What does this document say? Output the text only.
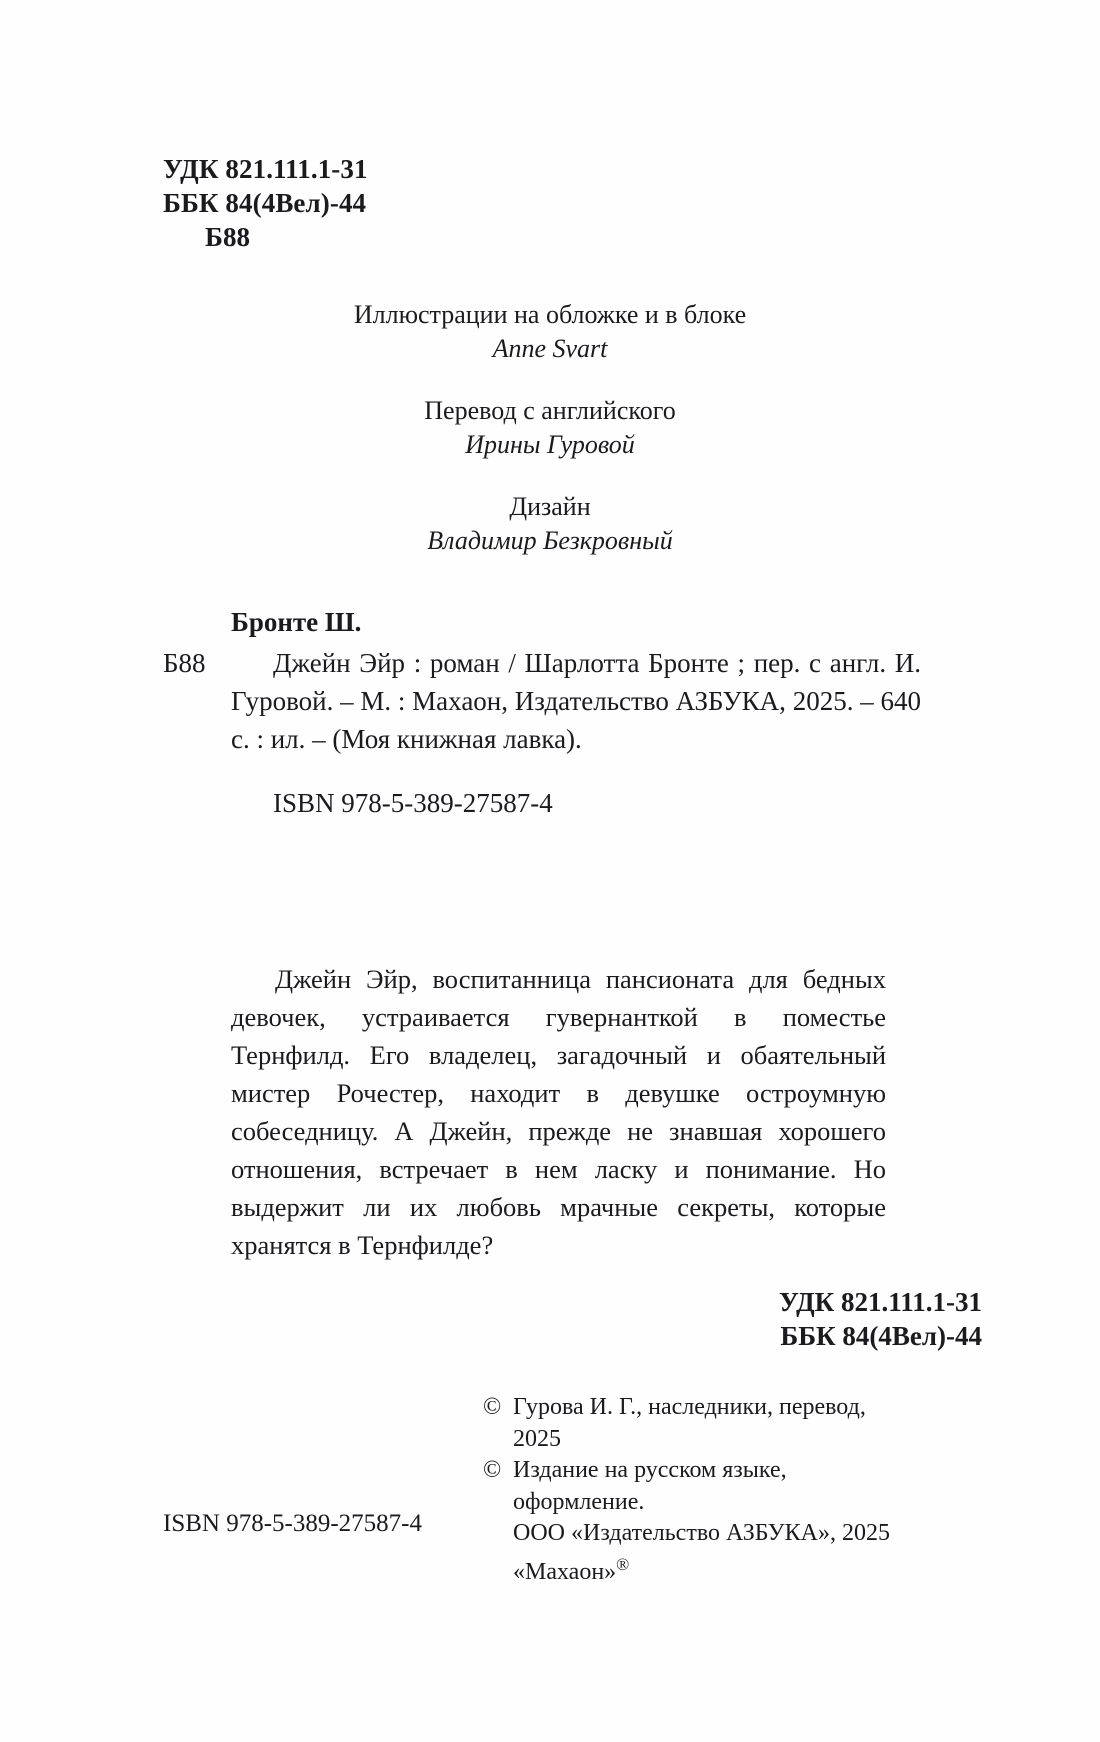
УДК 821.111.1-31
ББК 84(4Вел)-44
Б88
Иллюстрации на обложке и в блоке
Anne Svart
Перевод с английского
Ирины Гуровой
Дизайн
Владимир Безкровный
Бронте Ш.
Б88	Джейн Эйр : роман / Шарлотта Бронте ; пер. с англ. И. Гуровой. – М. : Махаон, Издательство АЗБУКА, 2025. – 640 с. : ил. – (Моя книжная лавка).
ISBN 978-5-389-27587-4
Джейн Эйр, воспитанница пансионата для бедных девочек, устраивается гувернанткой в поместье Тернфилд. Его владелец, загадочный и обаятельный мистер Рочестер, находит в девушке остроумную собеседницу. А Джейн, прежде не знавшая хорошего отношения, встречает в нем ласку и понимание. Но выдержит ли их любовь мрачные секреты, которые хранятся в Тернфилде?
УДК 821.111.1-31
ББК 84(4Вел)-44
© Гурова И. Г., наследники, перевод,
2025
© Издание на русском языке,
оформление.
ООО «Издательство АЗБУКА», 2025
«Махаон»®
ISBN 978-5-389-27587-4
